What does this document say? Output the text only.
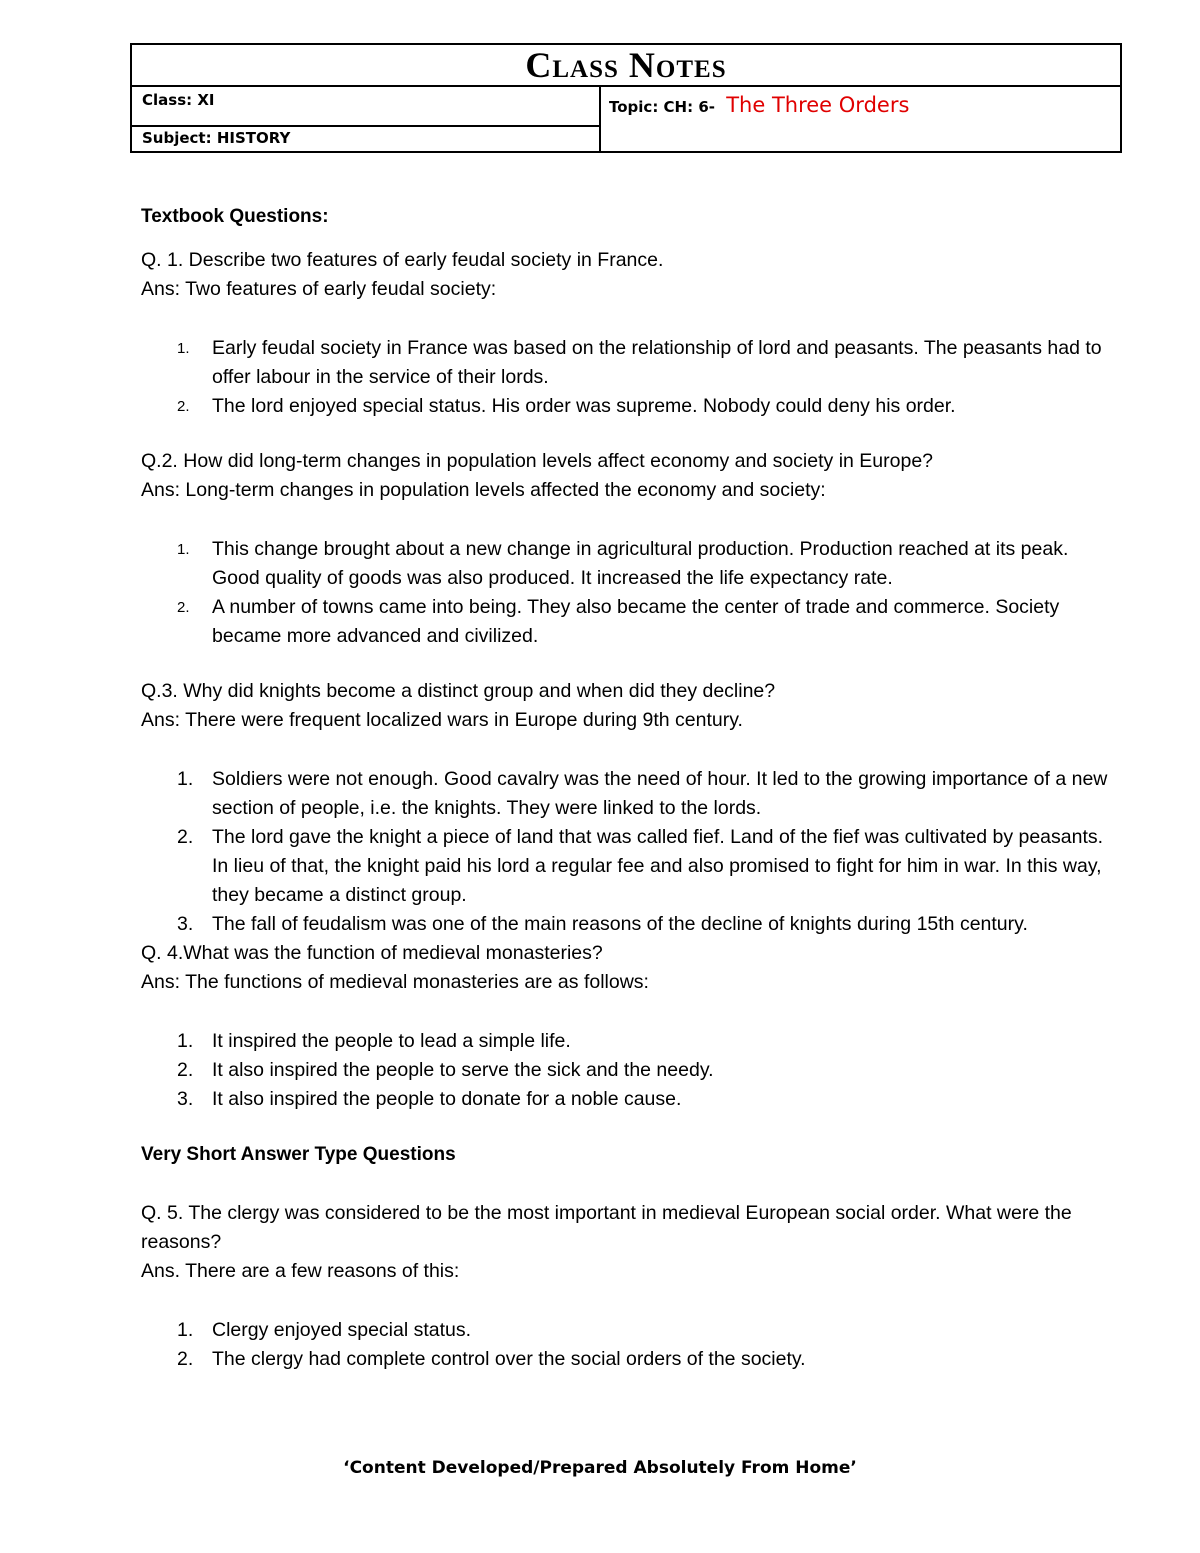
Class Notes
Class: XI
Subject: HISTORY
Topic: CH: 6- The Three Orders

Textbook Questions:

Q. 1. Describe two features of early feudal society in France.

Ans: Two features of early feudal society:

1.	Early feudal society in France was based on the relationship of lord and peasants. The peasants had to offer labour in the service of their lords.
2.	The lord enjoyed special status. His order was supreme. Nobody could deny his order.

Q.2. How did long-term changes in population levels affect economy and society in Europe?

Ans: Long-term changes in population levels affected the economy and society:

1.	This change brought about a new change in agricultural production. Production reached at its peak. Good quality of goods was also produced. It increased the life expectancy rate.
2.	A number of towns came into being. They also became the center of trade and commerce. Society became more advanced and civilized.

Q.3. Why did knights become a distinct group and when did they decline?

Ans: There were frequent localized wars in Europe during 9th century.

1. Soldiers were not enough. Good cavalry was the need of hour. It led to the growing importance of a new section of people, i.e. the knights. They were linked to the lords.
2. The lord gave the knight a piece of land that was called fief. Land of the fief was cultivated by peasants. In lieu of that, the knight paid his lord a regular fee and also promised to fight for him in war. In this way, they became a distinct group.
3. The fall of feudalism was one of the main reasons of the decline of knights during 15th century.

Q. 4.What was the function of medieval monasteries?

Ans: The functions of medieval monasteries are as follows:

1. It inspired the people to lead a simple life.
2. It also inspired the people to serve the sick and the needy.
3. It also inspired the people to donate for a noble cause.

Very Short Answer Type Questions

Q. 5. The clergy was considered to be the most important in medieval European social order. What were the reasons?

Ans. There are a few reasons of this:

1. Clergy enjoyed special status.
2. The clergy had complete control over the social orders of the society.
‘Content Developed/Prepared Absolutely From Home’
